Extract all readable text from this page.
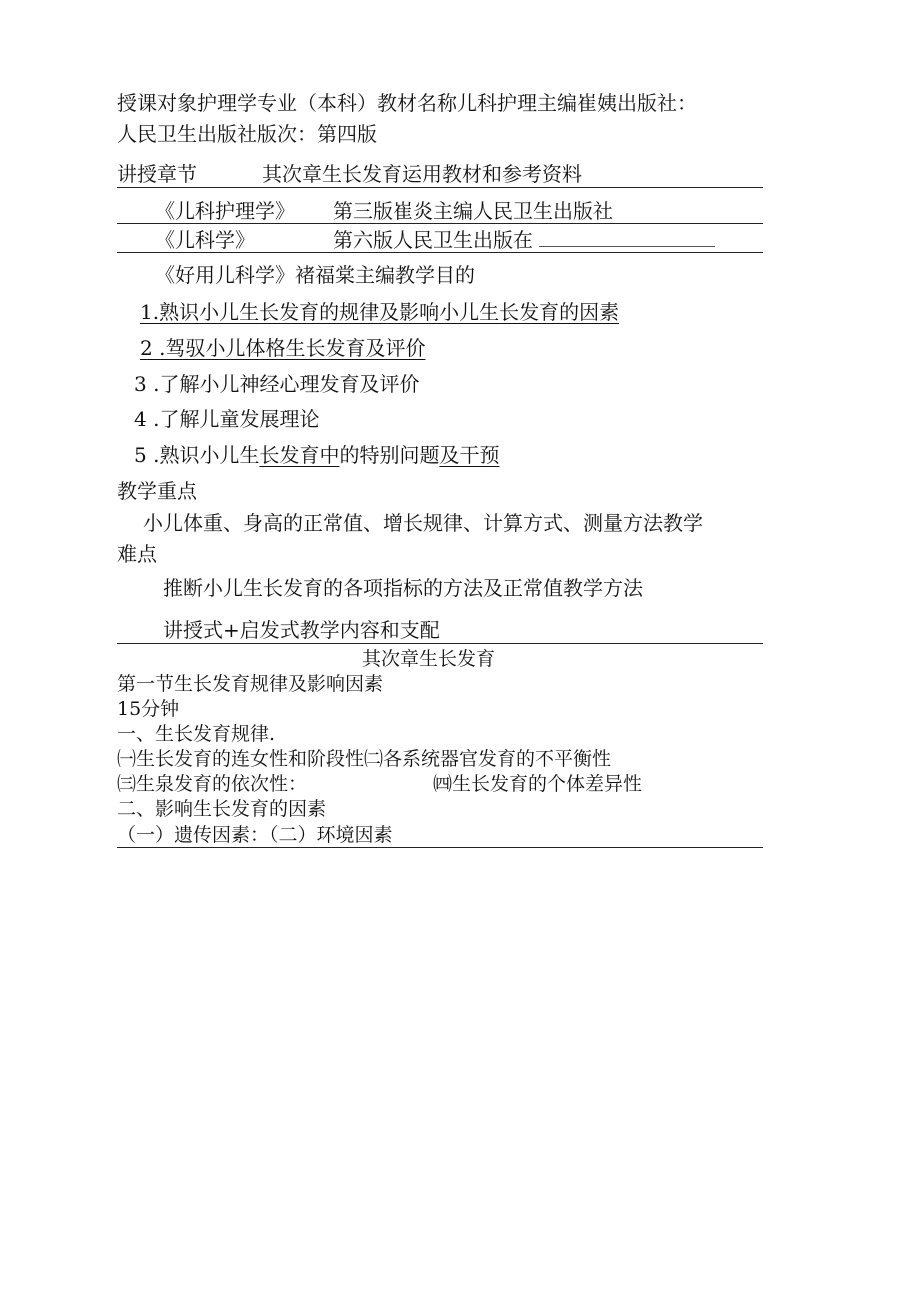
授课对象护理学专业（本科）教材名称儿科护理主编崔姨出版社：
人民卫生出版社版次：第四版
讲授章节	其次章生长发育运用教材和参考资料
《儿科护理学》 第三版崔炎主编人民卫生出版社
《儿科学》	第六版人民卫生出版在
《好用儿科学》褚福棠主编教学目的
1.熟识小儿生长发育的规律及影响小儿生长发育的因素
2 .驾驭小儿体格生长发育及评价
3 .了解小儿神经心理发育及评价
4 .了解儿童发展理论
5 .熟识小儿生长发育中的特别问题及干预
教学重点
小儿体重、身高的正常值、增长规律、计算方式、测量方法教学
难点
推断小儿生长发育的各项指标的方法及正常值教学方法
讲授式+启发式教学内容和支配
其次章生长发育
第一节生长发育规律及影响因素
15分钟
一、生长发育规律.
㈠生长发育的连女性和阶段性㈡各系统器官发育的不平衡性
㈢生泉发育的依次性：	㈣生长发育的个体差异性
二、影响生长发育的因素
（一）遗传因素：（二）环境因素
